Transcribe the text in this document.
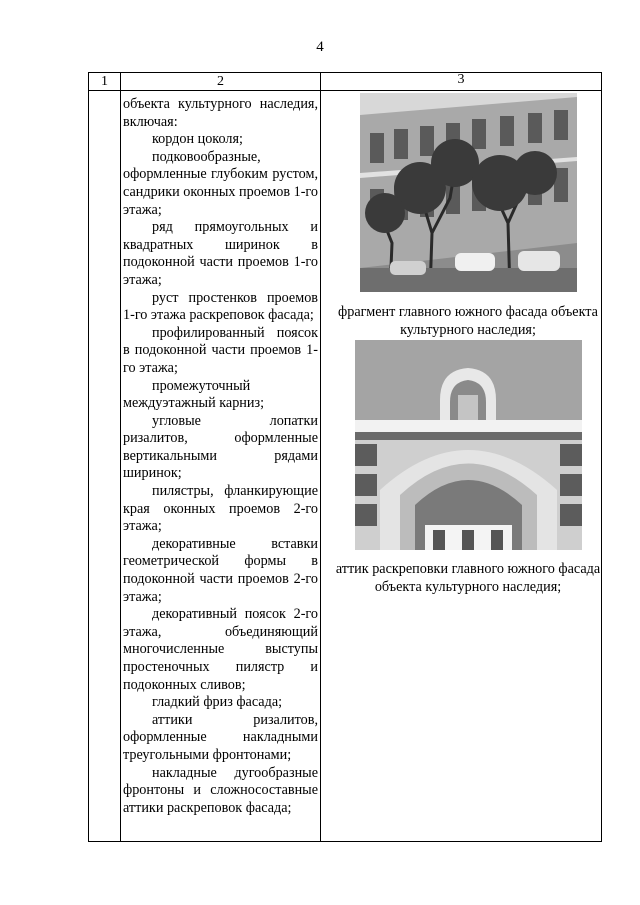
4
1	2	3
объекта культурного наследия, включая:
кордон цоколя;
подковообразные, оформленные глубоким рустом, сандрики оконных проемов 1-го этажа;
ряд прямоугольных и квадратных ширинок в подоконной части проемов 1-го этажа;
руст простенков проемов 1-го этажа раскреповок фасада;
профилированный поясок в подоконной части проемов 1-го этажа;
промежуточный междуэтажный карниз;
угловые лопатки ризалитов, оформленные вертикальными рядами ширинок;
пилястры, фланкирующие края оконных проемов 2-го этажа;
декоративные вставки геометрической формы в подоконной части проемов 2-го этажа;
декоративный поясок 2-го этажа, объединяющий многочисленные выступы простеночных пилястр и подоконных сливов;
гладкий фриз фасада;
аттики ризалитов, оформленные накладными треугольными фронтонами;
накладные дугообразные фронтоны и сложносоставные аттики раскреповок фасада;
фрагмент главного южного фасада объекта культурного наследия;
аттик раскреповки главного южного фасада объекта культурного наследия;
